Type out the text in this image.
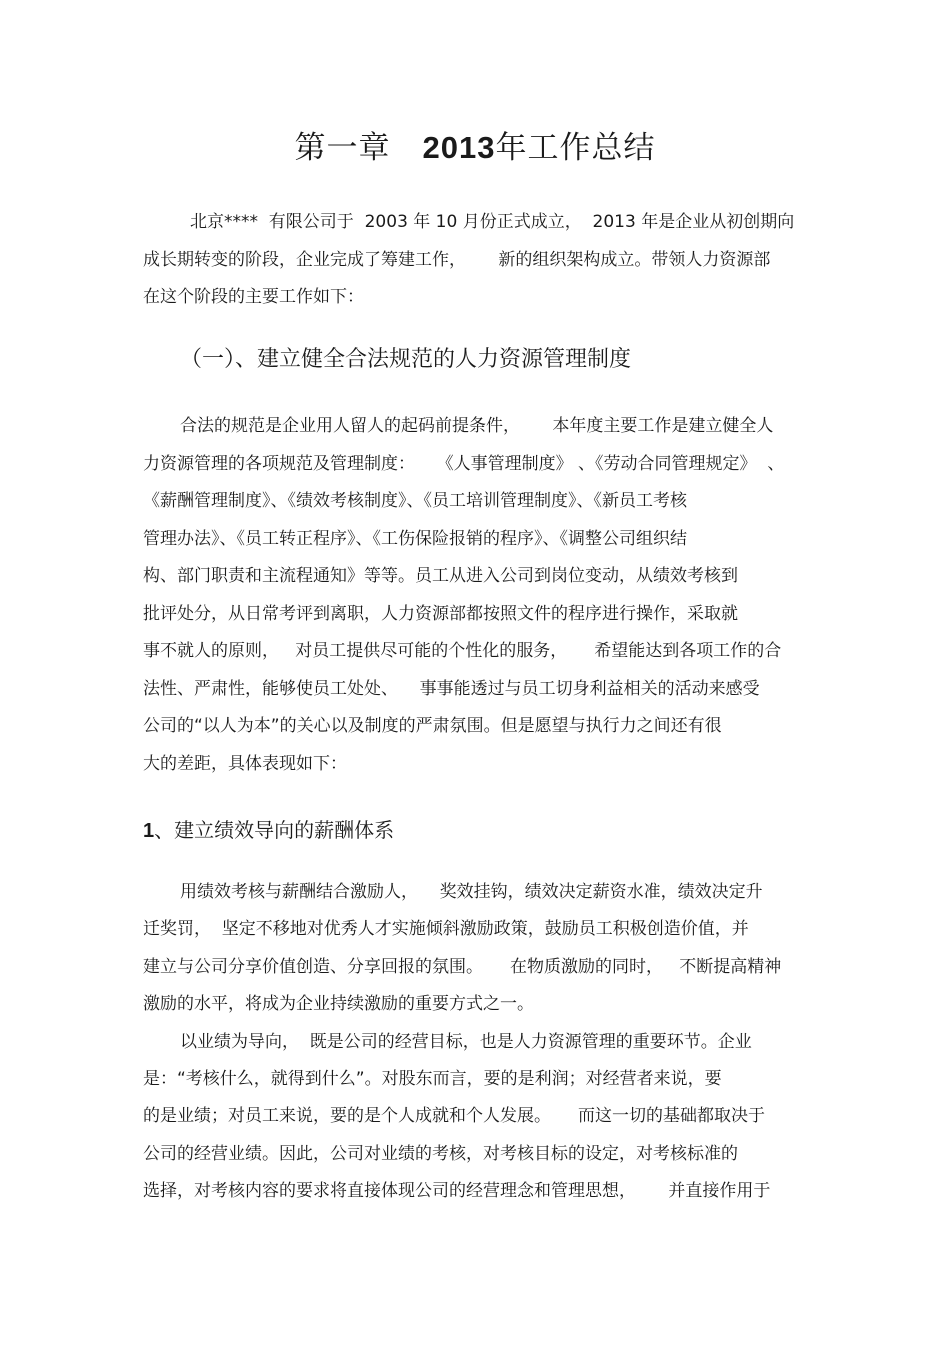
第一章  2013年工作总结
北京****  有限公司于  2003 年 10 月份正式成立，  2013 年是企业从初创期向
成长期转变的阶段，企业完成了筹建工作，      新的组织架构成立。带领人力资源部
在这个阶段的主要工作如下：
（一）、建立健全合法规范的人力资源管理制度
合法的规范是企业用人留人的起码前提条件，      本年度主要工作是建立健全人
力资源管理的各项规范及管理制度：    《人事管理制度》 、《劳动合同管理规定》  、
《薪酬管理制度》、《绩效考核制度》、《员工培训管理制度》、《新员工考核
管理办法》、《员工转正程序》、《工伤保险报销的程序》、《调整公司组织结
构、部门职责和主流程通知》等等。员工从进入公司到岗位变动，从绩效考核到
批评处分，从日常考评到离职，人力资源部都按照文件的程序进行操作，采取就
事不就人的原则，   对员工提供尽可能的个性化的服务，     希望能达到各项工作的合
法性、严肃性，能够使员工处处、    事事能透过与员工切身利益相关的活动来感受
公司的“以人为本”的关心以及制度的严肃氛围。但是愿望与执行力之间还有很
大的差距，具体表现如下：
1、建立绩效导向的薪酬体系
用绩效考核与薪酬结合激励人，    奖效挂钩，绩效决定薪资水准，绩效决定升
迁奖罚，  坚定不移地对优秀人才实施倾斜激励政策，鼓励员工积极创造价值，并
建立与公司分享价值创造、分享回报的氛围。     在物质激励的同时，   不断提高精神
激励的水平，将成为企业持续激励的重要方式之一。
以业绩为导向，  既是公司的经营目标，也是人力资源管理的重要环节。企业
是：“考核什么，就得到什么”。对股东而言，要的是利润；对经营者来说，要
的是业绩；对员工来说，要的是个人成就和个人发展。     而这一切的基础都取决于
公司的经营业绩。因此，公司对业绩的考核，对考核目标的设定，对考核标准的
选择，对考核内容的要求将直接体现公司的经营理念和管理思想，      并直接作用于
